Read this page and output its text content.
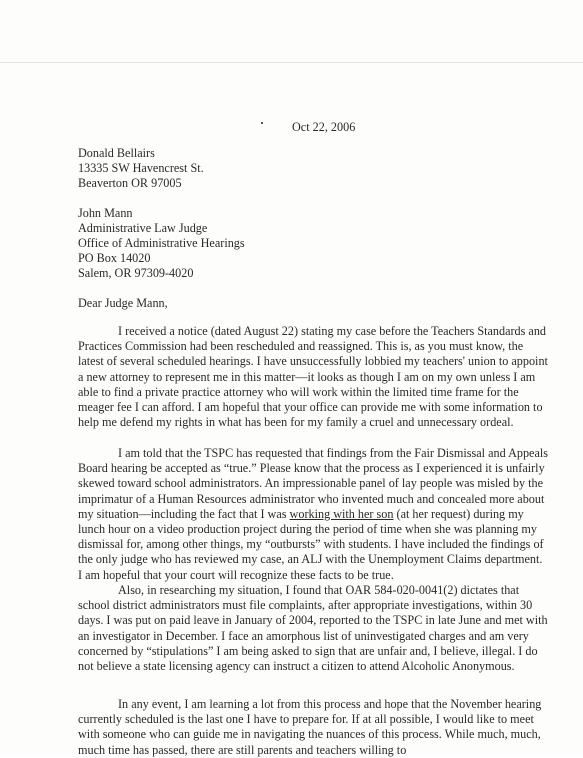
Oct 22, 2006
Donald Bellairs
13335 SW Havencrest St.
Beaverton OR 97005
John Mann
Administrative Law Judge
Office of Administrative Hearings
PO Box 14020
Salem, OR 97309-4020
Dear Judge Mann,

I received a notice (dated August 22) stating my case before the Teachers Standards and Practices Commission had been rescheduled and reassigned. This is, as you must know, the latest of several scheduled hearings. I have unsuccessfully lobbied my teachers' union to appoint a new attorney to represent me in this matter—it looks as though I am on my own unless I am able to find a private practice attorney who will work within the limited time frame for the meager fee I can afford. I am hopeful that your office can provide me with some information to help me defend my rights in what has been for my family a cruel and unnecessary ordeal.

I am told that the TSPC has requested that findings from the Fair Dismissal and Appeals Board hearing be accepted as “true.” Please know that the process as I experienced it is unfairly skewed toward school administrators. An impressionable panel of lay people was misled by the imprimatur of a Human Resources administrator who invented much and concealed more about my situation—including the fact that I was working with her son (at her request) during my lunch hour on a video production project during the period of time when she was planning my dismissal for, among other things, my “outbursts” with students. I have included the findings of the only judge who has reviewed my case, an ALJ with the Unemployment Claims department. I am hopeful that your court will recognize these facts to be true.

Also, in researching my situation, I found that OAR 584-020-0041(2) dictates that school district administrators must file complaints, after appropriate investigations, within 30 days. I was put on paid leave in January of 2004, reported to the TSPC in late June and met with an investigator in December. I face an amorphous list of uninvestigated charges and am very concerned by “stipulations” I am being asked to sign that are unfair and, I believe, illegal. I do not believe a state licensing agency can instruct a citizen to attend Alcoholic Anonymous.

In any event, I am learning a lot from this process and hope that the November hearing currently scheduled is the last one I have to prepare for. If at all possible, I would like to meet with someone who can guide me in navigating the nuances of this process. While much, much, much time has passed, there are still parents and teachers willing to
